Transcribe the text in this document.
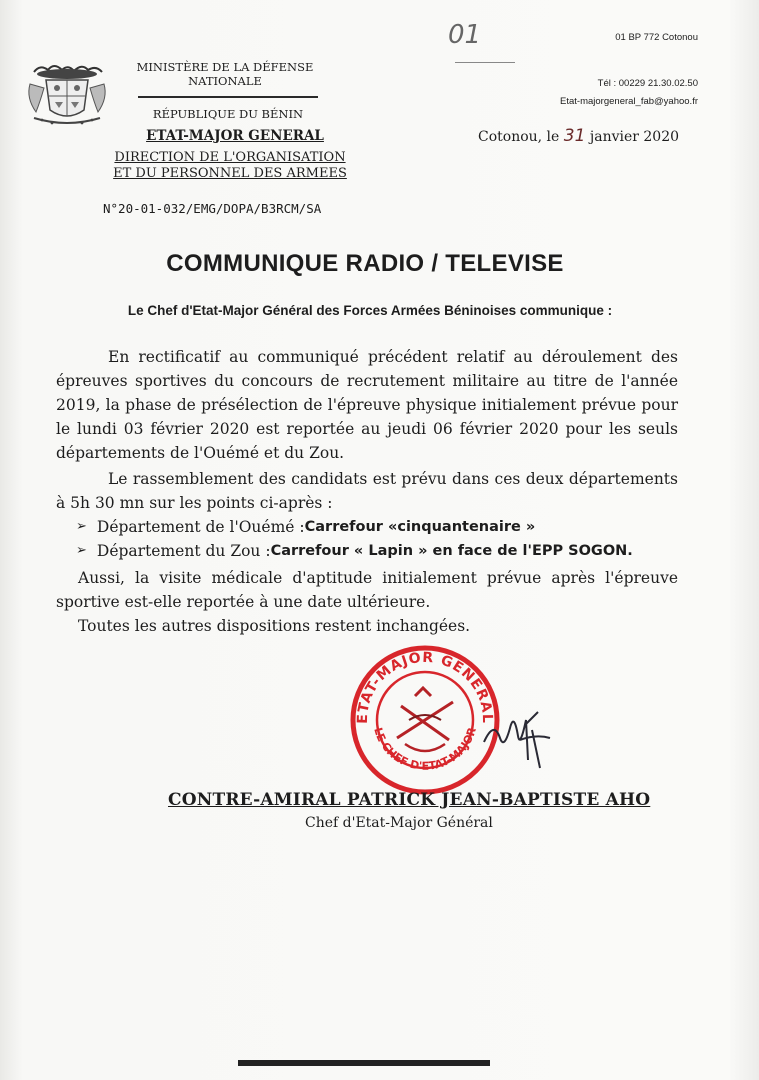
MINISTÈRE DE LA DÉFENSE
NATIONALE
RÉPUBLIQUE DU BÉNIN
ETAT-MAJOR GENERAL
DIRECTION DE L'ORGANISATION
ET DU PERSONNEL DES ARMEES
N°20-01-032/EMG/DOPA/B3RCM/SA
01	01 BP 772 Cotonou
Tél : 00229 21.30.02.50
Etat-majorgeneral_fab@yahoo.fr
Cotonou, le 31 janvier 2020
COMMUNIQUE RADIO / TELEVISE
Le Chef d'Etat-Major Général des Forces Armées Béninoises communique :
En rectificatif au communiqué précédent relatif au déroulement des épreuves sportives du concours de recrutement militaire au titre de l'année 2019, la phase de présélection de l'épreuve physique initialement prévue pour le lundi 03 février 2020 est reportée au jeudi 06 février 2020 pour les seuls départements de l'Ouémé et du Zou.
Le rassemblement des candidats est prévu dans ces deux départements à 5h 30 mn sur les points ci-après :
➢ Département de l'Ouémé : Carrefour «cinquantenaire »
➢ Département du Zou : Carrefour « Lapin » en face de l'EPP SOGON.
Aussi, la visite médicale d'aptitude initialement prévue après l'épreuve sportive est-elle reportée à une date ultérieure.
Toutes les autres dispositions restent inchangées.
ETAT-MAJOR GENERAL
LE CHEF D'ETAT-MAJOR
CONTRE-AMIRAL PATRICK JEAN-BAPTISTE AHO
Chef d'Etat-Major Général
